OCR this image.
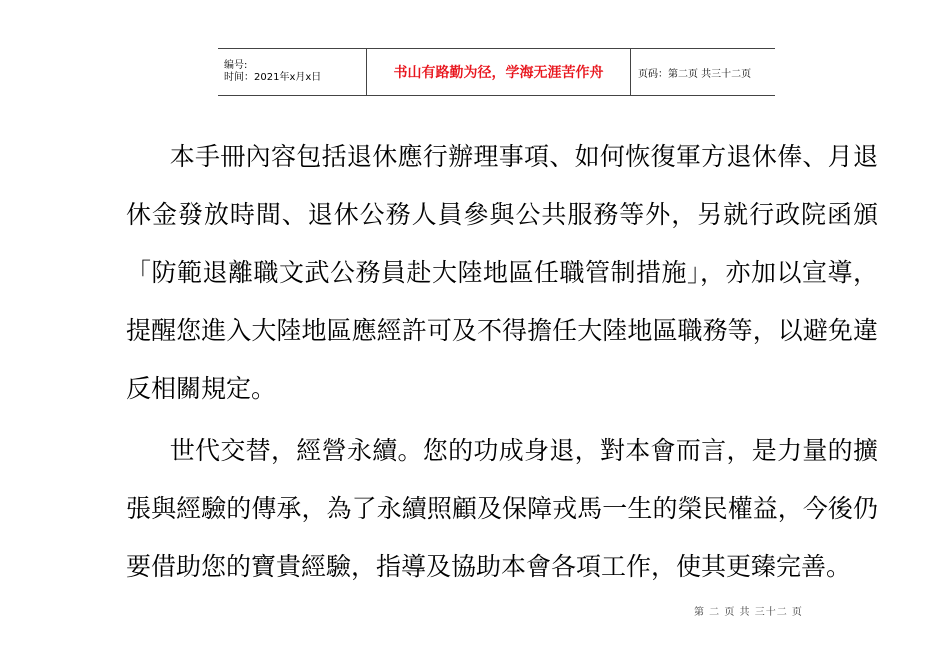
编号:
时间：2021年x月x日	书山有路勤为径，学海无涯苦作舟	页码：第二页 共三十二页

本手冊內容包括退休應行辦理事項、如何恢復軍方退休俸、月退休金發放時間、退休公務人員參與公共服務等外，另就行政院函頒「防範退離職文武公務員赴大陸地區任職管制措施」，亦加以宣導，提醒您進入大陸地區應經許可及不得擔任大陸地區職務等，以避免違反相關規定。

世代交替，經營永續。您的功成身退，對本會而言，是力量的擴張與經驗的傳承，為了永續照顧及保障戎馬一生的榮民權益，今後仍要借助您的寶貴經驗，指導及協助本會各項工作，使其更臻完善。

第 二 页 共 三十二 页
